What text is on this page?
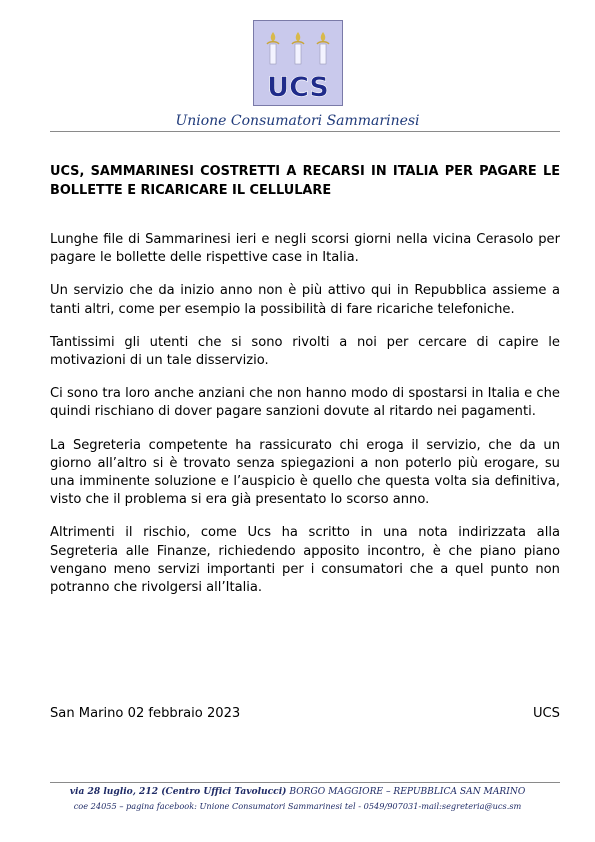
UCS
Unione Consumatori Sammarinesi
UCS, SAMMARINESI COSTRETTI A RECARSI IN ITALIA PER PAGARE LE BOLLETTE E RICARICARE IL CELLULARE

Lunghe file di Sammarinesi ieri e negli scorsi giorni nella vicina Cerasolo per pagare le bollette delle rispettive case in Italia.

Un servizio che da inizio anno non è più attivo qui in Repubblica assieme a tanti altri, come per esempio la possibilità di fare ricariche telefoniche.

Tantissimi gli utenti che si sono rivolti a noi per cercare di capire le motivazioni di un tale disservizio.

Ci sono tra loro anche anziani che non hanno modo di spostarsi in Italia e che quindi rischiano di dover pagare sanzioni dovute al ritardo nei pagamenti.

La Segreteria competente ha rassicurato chi eroga il servizio, che da un giorno all’altro si è trovato senza spiegazioni a non poterlo più erogare, su una imminente soluzione e l’auspicio è quello che questa volta sia definitiva, visto che il problema si era già presentato lo scorso anno.

Altrimenti il rischio, come Ucs ha scritto in una nota indirizzata alla Segreteria alle Finanze, richiedendo apposito incontro, è che piano piano vengano meno servizi importanti per i consumatori che a quel punto non potranno che rivolgersi all’Italia.

San Marino 02 febbraio 2023	UCS
via 28 luglio, 212 (Centro Uffici Tavolucci) BORGO MAGGIORE – REPUBBLICA SAN MARINO
coe 24055 – pagina facebook: Unione Consumatori Sammarinesi tel - 0549/907031-mail:segreteria@ucs.sm
